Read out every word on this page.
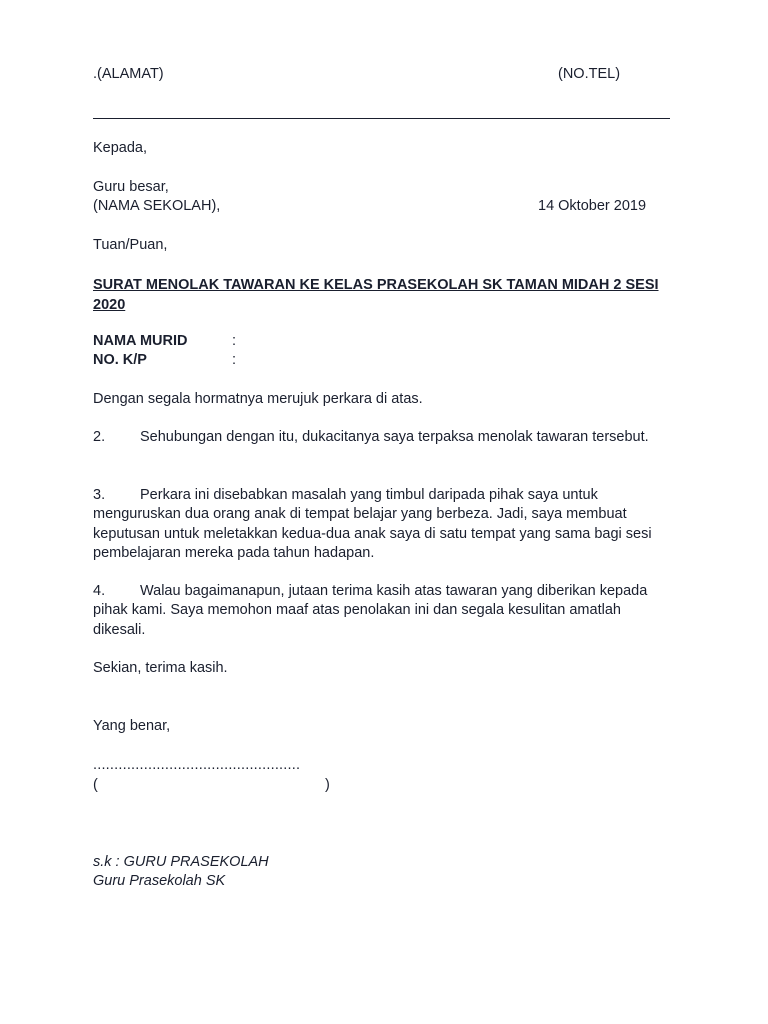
.(ALAMAT)	(NO.TEL)
Kepada,
Guru besar,
(NAMA SEKOLAH),	14 Oktober 2019
Tuan/Puan,
SURAT MENOLAK TAWARAN KE KELAS PRASEKOLAH SK TAMAN MIDAH 2 SESI 2020
NAMA MURID	:
NO. K/P	:
Dengan segala hormatnya merujuk perkara di atas.
2. Sehubungan dengan itu, dukacitanya saya terpaksa menolak tawaran tersebut.
3. Perkara ini disebabkan masalah yang timbul daripada pihak saya untuk menguruskan dua orang anak di tempat belajar yang berbeza. Jadi, saya membuat keputusan untuk meletakkan kedua-dua anak saya di satu tempat yang sama bagi sesi pembelajaran mereka pada tahun hadapan.
4. Walau bagaimanapun, jutaan terima kasih atas tawaran yang diberikan kepada pihak kami. Saya memohon maaf atas penolakan ini dan segala kesulitan amatlah dikesali.
Sekian, terima kasih.
Yang benar,
.................................................
(	)
s.k : GURU PRASEKOLAH
Guru Prasekolah SK
